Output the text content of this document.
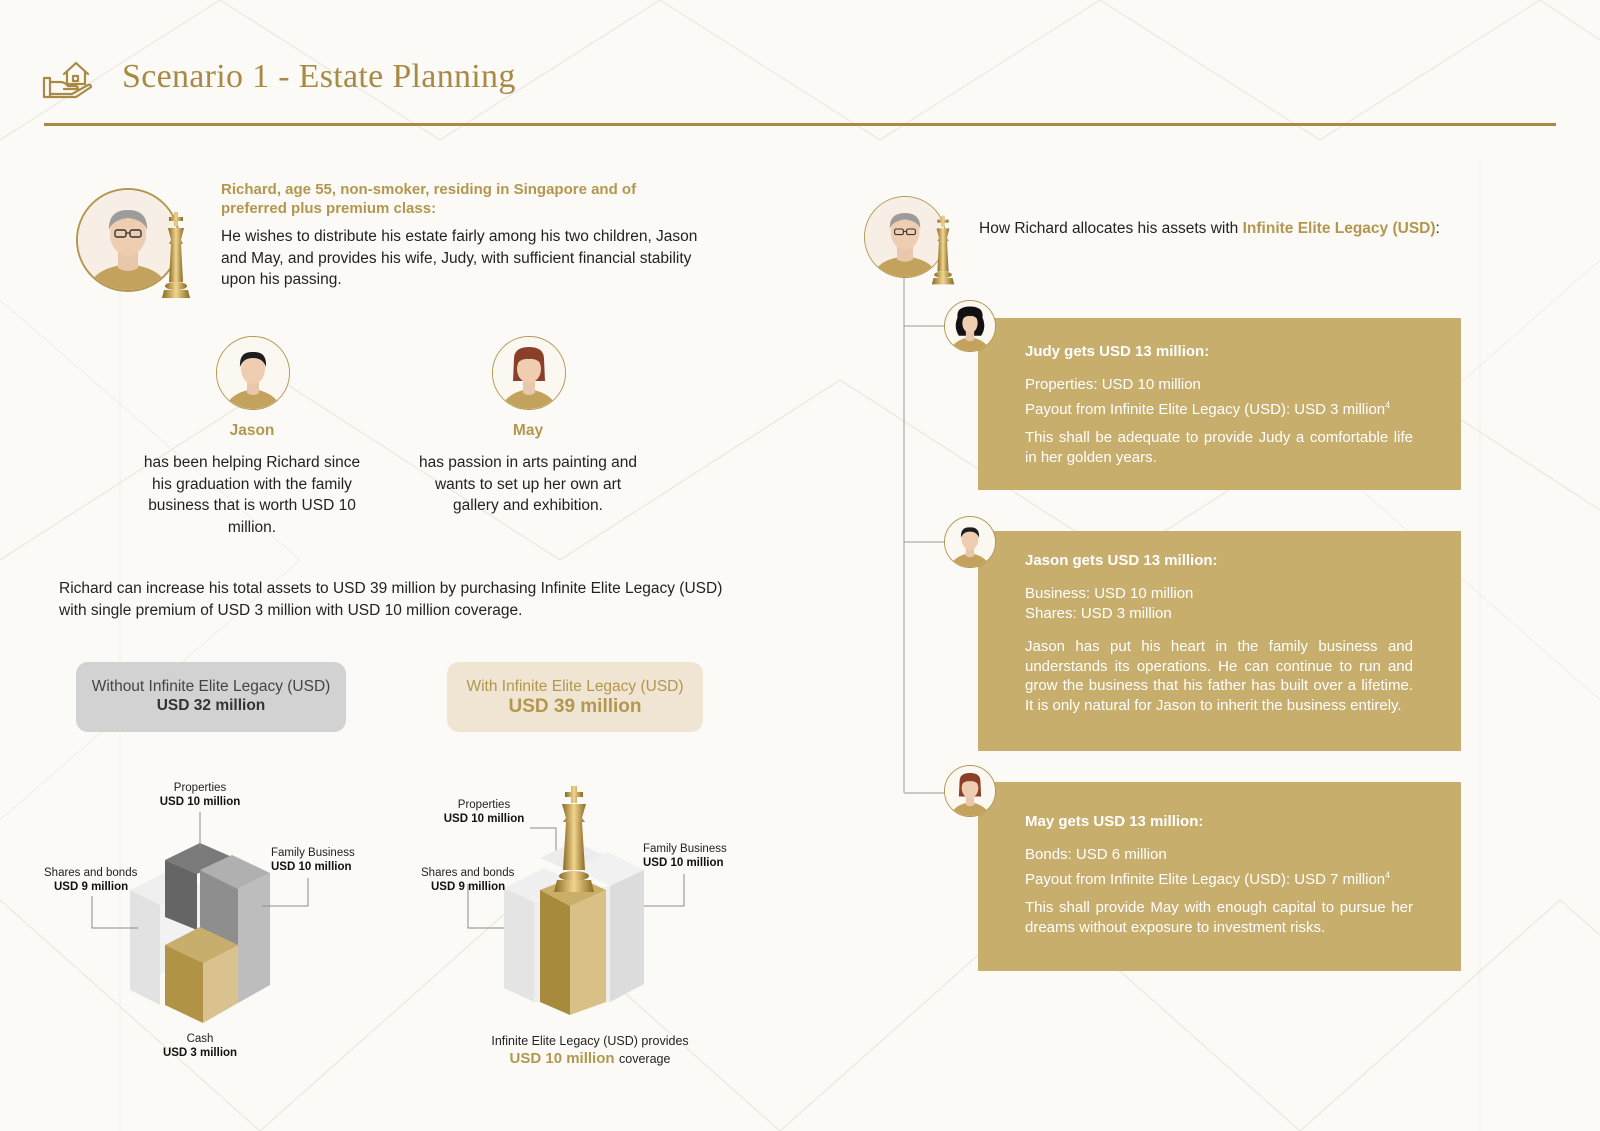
Scenario 1 - Estate Planning
Richard, age 55, non-smoker, residing in Singapore and of preferred plus premium class:
He wishes to distribute his estate fairly among his two children, Jason and May, and provides his wife, Judy, with sufficient financial stability upon his passing.
Jason	May
has been helping Richard since his graduation with the family business that is worth USD 10 million.
has passion in arts painting and wants to set up her own art gallery and exhibition.
Richard can increase his total assets to USD 39 million by purchasing Infinite Elite Legacy (USD) with single premium of USD 3 million with USD 10 million coverage.
Without Infinite Elite Legacy (USD)
USD 32 million
With Infinite Elite Legacy (USD)
USD 39 million
Properties
USD 10 million
Family Business
USD 10 million
Shares and bonds
USD 9 million
Cash
USD 3 million
Properties
USD 10 million
Family Business
USD 10 million
Shares and bonds
USD 9 million
Infinite Elite Legacy (USD) provides
USD 10 million coverage
How Richard allocates his assets with Infinite Elite Legacy (USD):
Judy gets USD 13 million:
Properties: USD 10 million
Payout from Infinite Elite Legacy (USD): USD 3 million$^4$
This shall be adequate to provide Judy a comfortable life in her golden years.
Jason gets USD 13 million:
Business: USD 10 million
Shares: USD 3 million
Jason has put his heart in the family business and understands its operations. He can continue to run and grow the business that his father has built over a lifetime. It is only natural for Jason to inherit the business entirely.
May gets USD 13 million:
Bonds: USD 6 million
Payout from Infinite Elite Legacy (USD): USD 7 million$^4$
This shall provide May with enough capital to pursue her dreams without exposure to investment risks.
